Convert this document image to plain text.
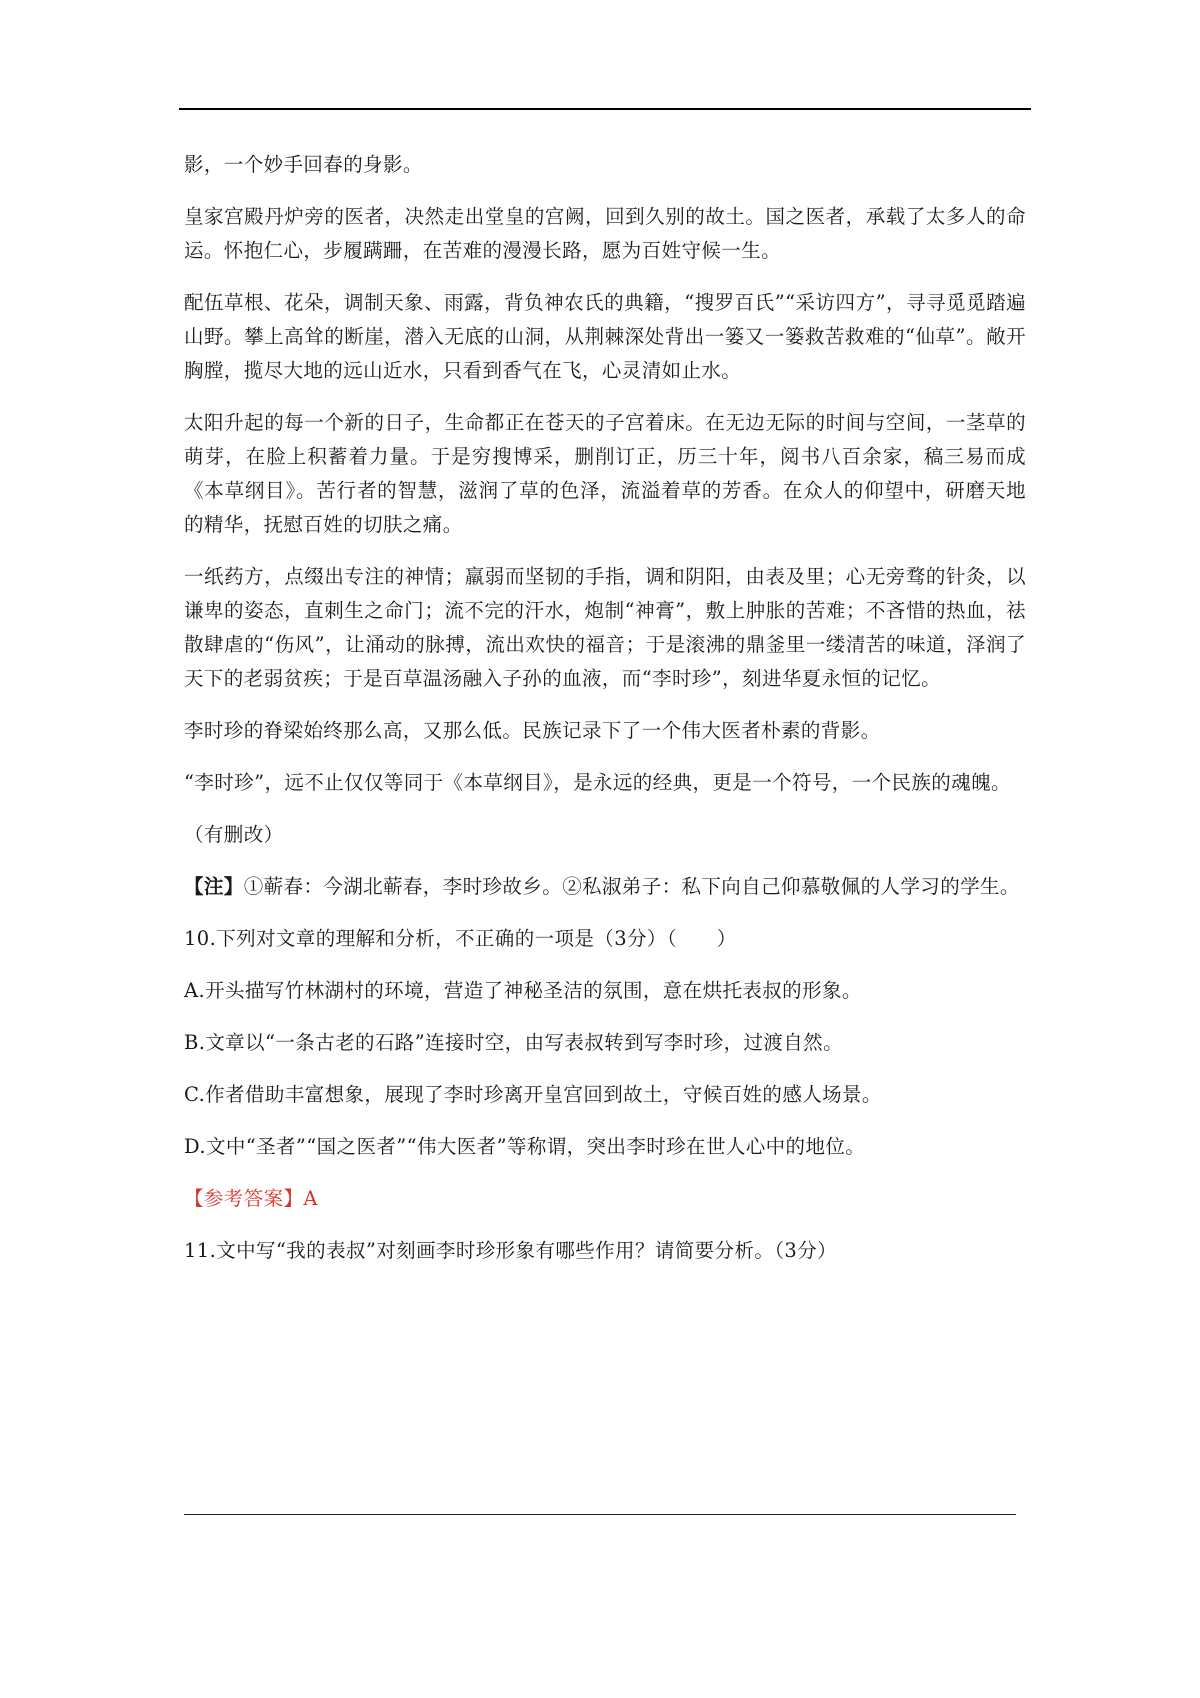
影，一个妙手回春的身影。

皇家宫殿丹炉旁的医者，决然走出堂皇的宫阙，回到久别的故土。国之医者，承载了太多人的命运。怀抱仁心，步履蹒跚，在苦难的漫漫长路，愿为百姓守候一生。

配伍草根、花朵，调制天象、雨露，背负神农氏的典籍，“搜罗百氏”“采访四方”，寻寻觅觅踏遍山野。攀上高耸的断崖，潜入无底的山洞，从荆棘深处背出一篓又一篓救苦救难的“仙草”。敞开胸膛，揽尽大地的远山近水，只看到香气在飞，心灵清如止水。

太阳升起的每一个新的日子，生命都正在苍天的子宫着床。在无边无际的时间与空间，一茎草的萌芽，在脸上积蓄着力量。于是穷搜博采，删削订正，历三十年，阅书八百余家，稿三易而成《本草纲目》。苦行者的智慧，滋润了草的色泽，流溢着草的芳香。在众人的仰望中，研磨天地的精华，抚慰百姓的切肤之痛。

一纸药方，点缀出专注的神情；羸弱而坚韧的手指，调和阴阳，由表及里；心无旁骛的针灸，以谦卑的姿态，直刺生之命门；流不完的汗水，炮制“神膏”，敷上肿胀的苦难；不吝惜的热血，祛散肆虐的“伤风”，让涌动的脉搏，流出欢快的福音；于是滚沸的鼎釜里一缕清苦的味道，泽润了天下的老弱贫疾；于是百草温汤融入子孙的血液，而“李时珍”，刻进华夏永恒的记忆。

李时珍的脊梁始终那么高，又那么低。民族记录下了一个伟大医者朴素的背影。

“李时珍”，远不止仅仅等同于《本草纲目》，是永远的经典，更是一个符号，一个民族的魂魄。

（有删改）

【注】①蕲春：今湖北蕲春，李时珍故乡。②私淑弟子：私下向自己仰慕敬佩的人学习的学生。

10.下列对文章的理解和分析，不正确的一项是（3分）（　　）

A.开头描写竹林湖村的环境，营造了神秘圣洁的氛围，意在烘托表叔的形象。

B.文章以“一条古老的石路”连接时空，由写表叔转到写李时珍，过渡自然。

C.作者借助丰富想象，展现了李时珍离开皇宫回到故土，守候百姓的感人场景。

D.文中“圣者”“国之医者”“伟大医者”等称谓，突出李时珍在世人心中的地位。

【参考答案】A

11.文中写“我的表叔”对刻画李时珍形象有哪些作用？请简要分析。（3分）
